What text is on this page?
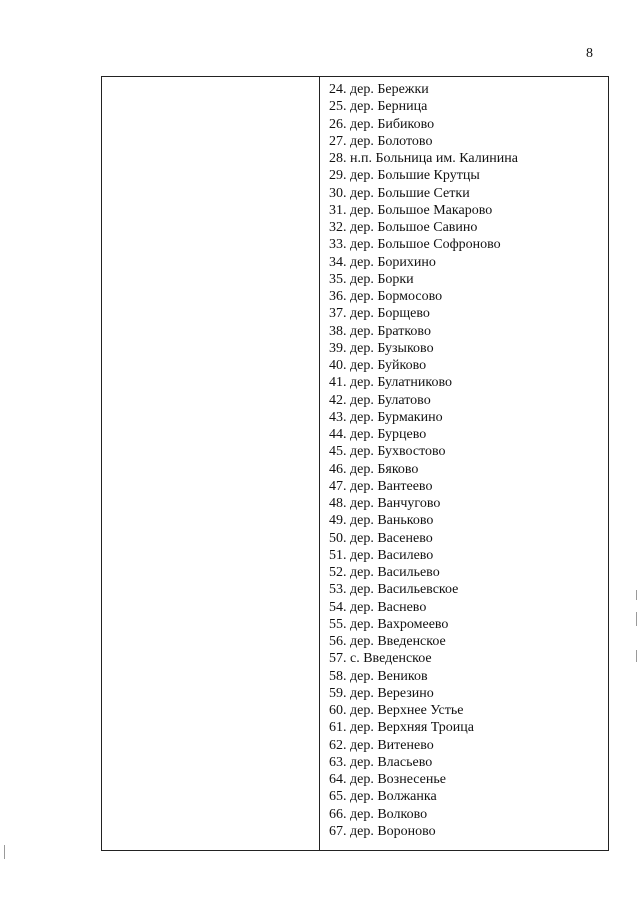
8
24. дер. Бережки
25. дер. Берница
26. дер. Бибиково
27. дер. Болотово
28. н.п. Больница им. Калинина
29. дер. Большие Крутцы
30. дер. Большие Сетки
31. дер. Большое Макарово
32. дер. Большое Савино
33. дер. Большое Софроново
34. дер. Борихино
35. дер. Борки
36. дер. Бормосово
37. дер. Борщево
38. дер. Братково
39. дер. Бузыково
40. дер. Буйково
41. дер. Булатниково
42. дер. Булатово
43. дер. Бурмакино
44. дер. Бурцево
45. дер. Бухвостово
46. дер. Бяково
47. дер. Вантеево
48. дер. Ванчугово
49. дер. Ваньково
50. дер. Васенево
51. дер. Василево
52. дер. Васильево
53. дер. Васильевское
54. дер. Васнево
55. дер. Вахромеево
56. дер. Введенское
57. с. Введенское
58. дер. Веников
59. дер. Верезино
60. дер. Верхнее Устье
61. дер. Верхняя Троица
62. дер. Витенево
63. дер. Власьево
64. дер. Вознесенье
65. дер. Волжанка
66. дер. Волково
67. дер. Вороново
